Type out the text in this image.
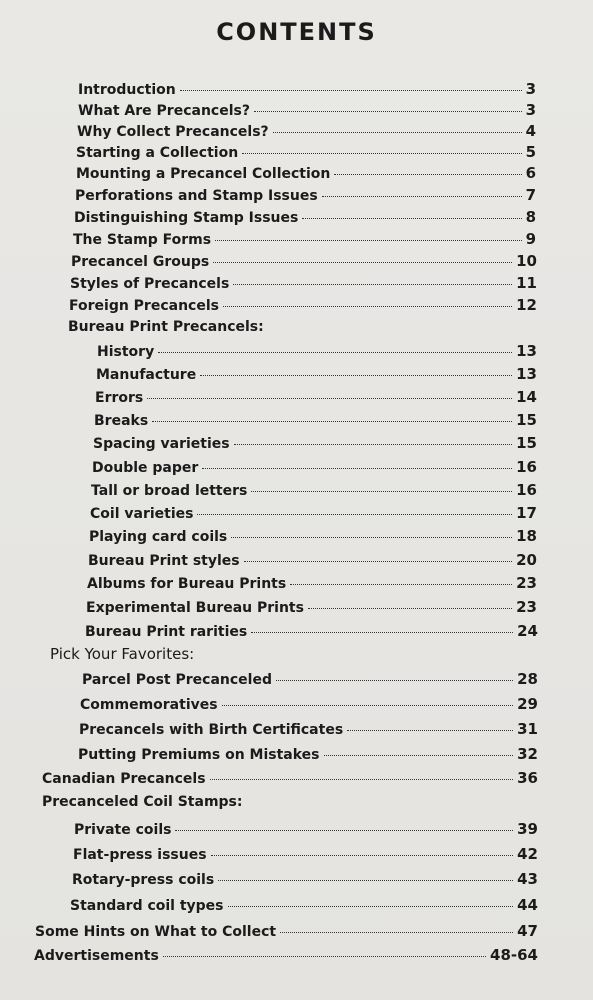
CONTENTS
Introduction	3
What Are Precancels?	3
Why Collect Precancels?	4
Starting a Collection	5
Mounting a Precancel Collection	6
Perforations and Stamp Issues	7
Distinguishing Stamp Issues	8
The Stamp Forms	9
Precancel Groups	10
Styles of Precancels	11
Foreign Precancels	12
Bureau Print Precancels:
History	13
Manufacture	13
Errors	14
Breaks	15
Spacing varieties	15
Double paper	16
Tall or broad letters	16
Coil varieties	17
Playing card coils	18
Bureau Print styles	20
Albums for Bureau Prints	23
Experimental Bureau Prints	23
Bureau Print rarities	24
Pick Your Favorites:
Parcel Post Precanceled	28
Commemoratives	29
Precancels with Birth Certificates	31
Putting Premiums on Mistakes	32
Canadian Precancels	36
Precanceled Coil Stamps:
Private coils	39
Flat-press issues	42
Rotary-press coils	43
Standard coil types	44
Some Hints on What to Collect	47
Advertisements	48-64
